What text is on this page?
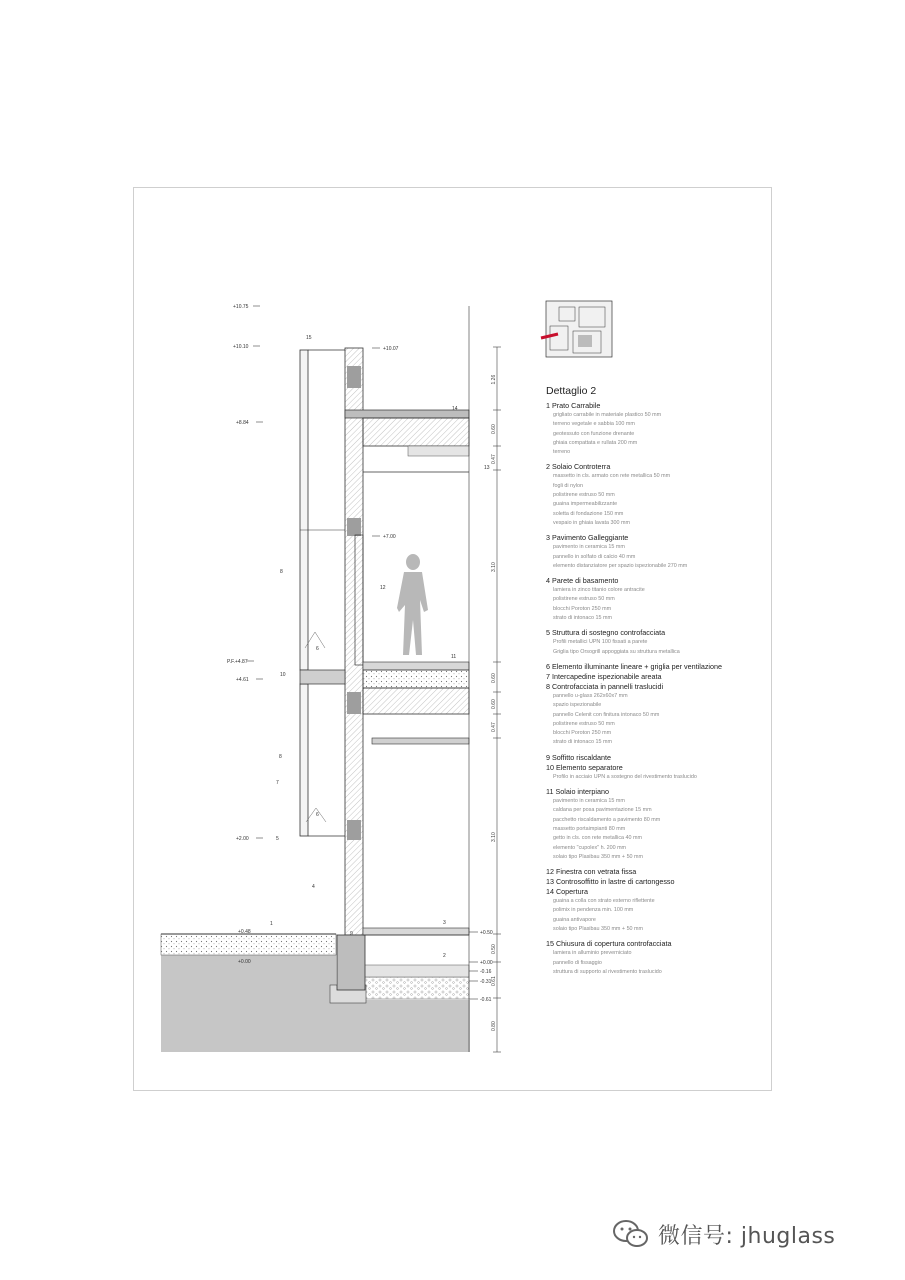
1.26
0.60
0.47
3.10
0.60
0.60
0.47
3.10
0.50
0.61
0.80
+10.75
+10.10
+8.84
P.F.+4.87
+4.61
+2.00
+0.48
+0.00
+10.07
+7.00
+0.50
+0.00
-0.16
-0.31
-0.61
15
14
13
12
11
10
9
8
8
7
6
6
5
4
3
2
1
Dettaglio 2
1 Prato Carrabile
grigliato carrabile in materiale plastico 50 mm
terreno vegetale e sabbia 100 mm
geotessuto con funzione drenante
ghiaia compattata e rullata 200 mm
terreno
2 Solaio Controterra
massetto in cls. armato con rete metallica 50 mm
fogli di nylon
polistirene estruso 50 mm
guaina impermeabilizzante
soletta di fondazione 150 mm
vespaio in ghiaia lavata 300 mm
3 Pavimento Galleggiante
pavimento in ceramica 15 mm
pannello in solfato di calcio 40 mm
elemento distanziatore per spazio ispezionabile 270 mm
4 Parete di basamento
lamiera in zinco titanio colore antracite
polistirene estruso 50 mm
blocchi Poroton 250 mm
strato di intonaco 15 mm
5 Struttura di sostegno controfacciata
Profili metallici UPN 100 fissati a parete
Griglia tipo Orsogrill appoggiata su struttura metallica
6 Elemento illuminante lineare + griglia per ventilazione
7 Intercapedine ispezionabile areata
8 Controfacciata in pannelli traslucidi
pannello u-glass 262x60x7 mm
spazio ispezionabile
pannello Celenit con finitura intonaco 50 mm
polistirene estruso 50 mm
blocchi Poroton 250 mm
strato di intonaco 15 mm
9 Soffitto riscaldante
10 Elemento separatore
Profilo in acciaio UPN a sostegno del rivestimento traslucido
11 Solaio interpiano
pavimento in ceramica 15 mm
caldana per posa pavimentazione 15 mm
pacchetto riscaldamento a pavimento 80 mm
massetto portaimpianti 80 mm
getto in cls. con rete metallica 40 mm
elemento "cupolex" h. 200 mm
solaio tipo Plasibau 350 mm + 50 mm
12 Finestra con vetrata fissa
13 Controsoffitto in lastre di cartongesso
14 Copertura
guaina a colla con strato esterno riflettente
polimix in pendenza min. 100 mm
guaina antivapore
solaio tipo Plasibau 350 mm + 50 mm
15 Chiusura di copertura controfacciata
lamiera in alluminio preverniciato
pannello di fissaggio
struttura di supporto al rivestimento traslucido
微信号: jhuglass
